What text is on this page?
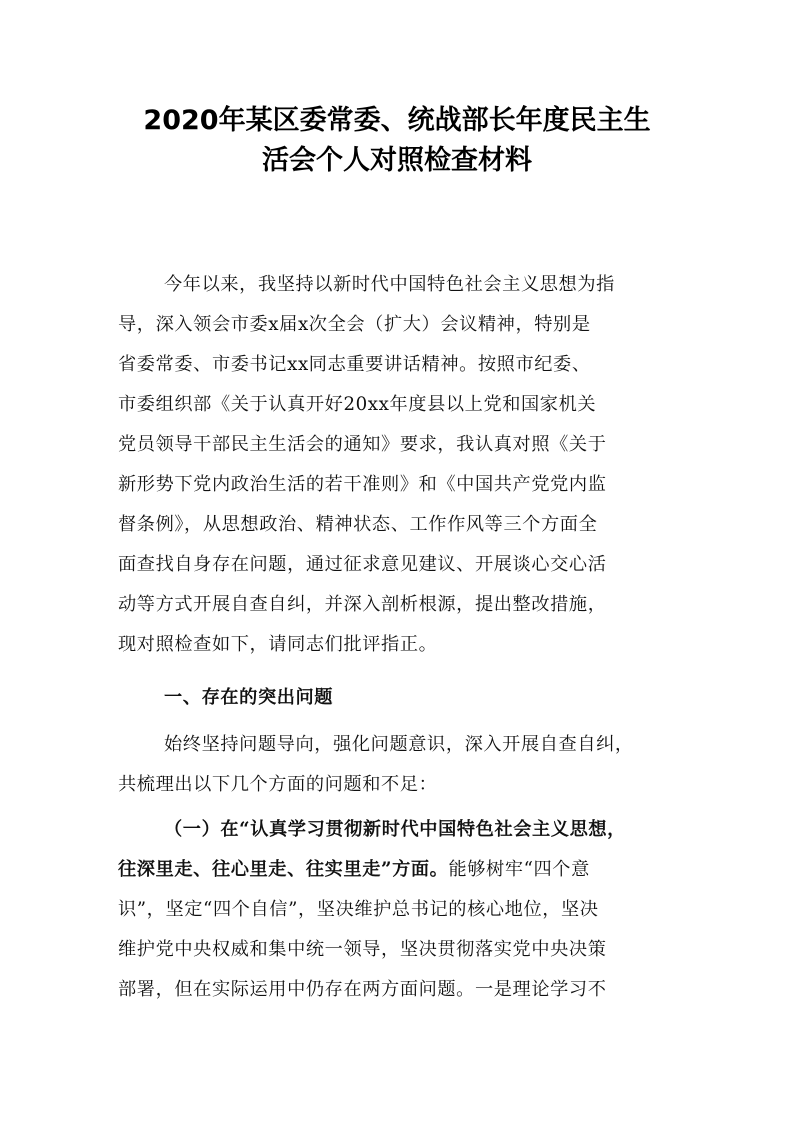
2020年某区委常委、统战部长年度民主生
活会个人对照检查材料
今年以来，我坚持以新时代中国特色社会主义思想为指
导，深入领会市委x届x次全会（扩大）会议精神，特别是
省委常委、市委书记xx同志重要讲话精神。按照市纪委、
市委组织部《关于认真开好20xx年度县以上党和国家机关
党员领导干部民主生活会的通知》要求，我认真对照《关于
新形势下党内政治生活的若干准则》和《中国共产党党内监
督条例》，从思想政治、精神状态、工作作风等三个方面全
面查找自身存在问题，通过征求意见建议、开展谈心交心活
动等方式开展自查自纠，并深入剖析根源，提出整改措施，
现对照检查如下，请同志们批评指正。
一、存在的突出问题
始终坚持问题导向，强化问题意识，深入开展自查自纠，
共梳理出以下几个方面的问题和不足：
（一）在“认真学习贯彻新时代中国特色社会主义思想，
往深里走、往心里走、往实里走”方面。能够树牢“四个意
识”，坚定“四个自信”，坚决维护总书记的核心地位，坚决
维护党中央权威和集中统一领导，坚决贯彻落实党中央决策
部署，但在实际运用中仍存在两方面问题。一是理论学习不
